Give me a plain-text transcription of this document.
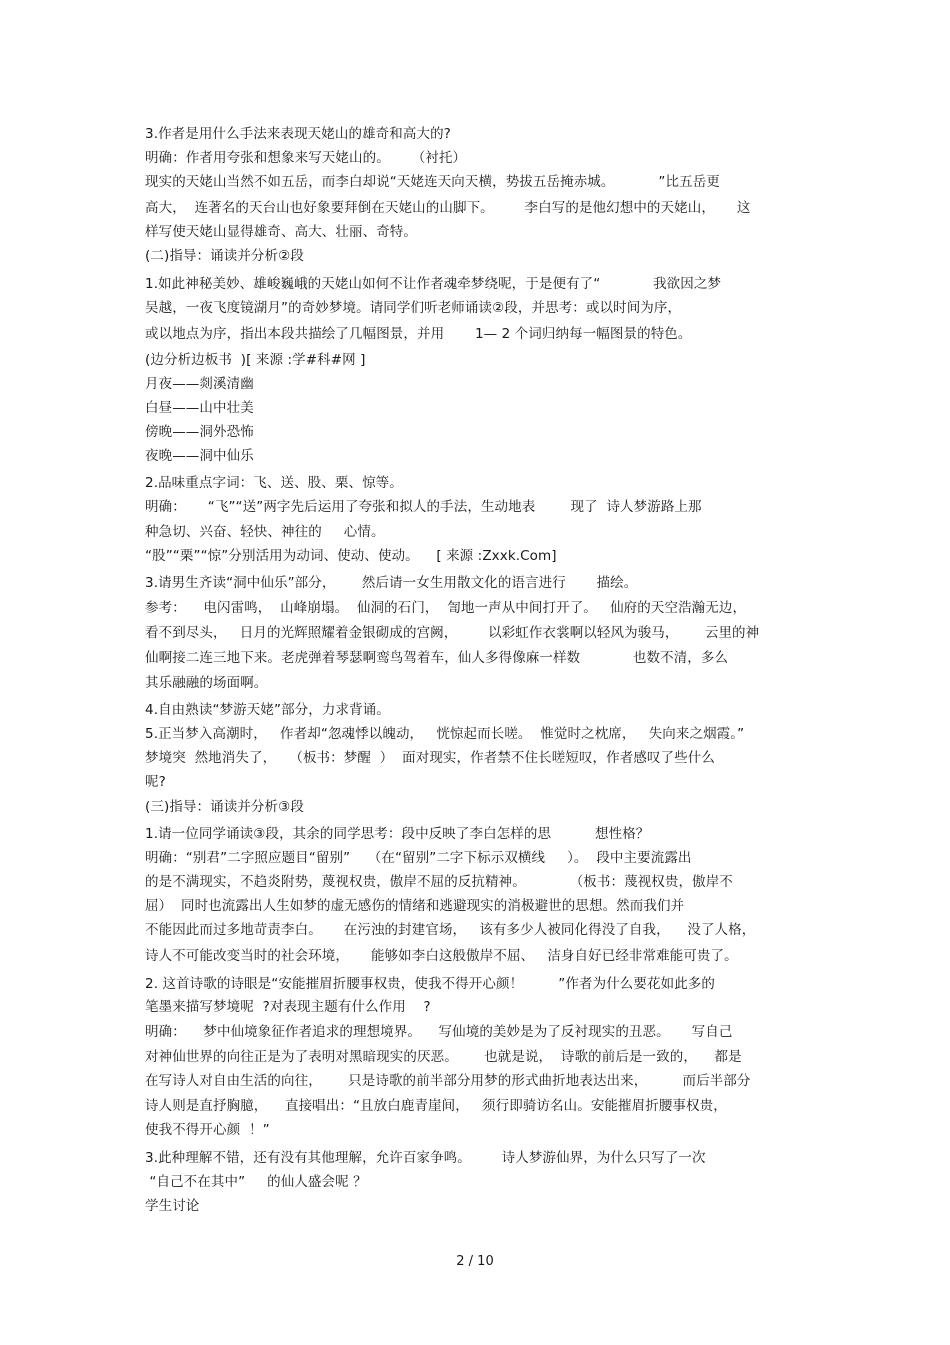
3.作者是用什么手法来表现天姥山的雄奇和高大的?
明确：作者用夸张和想象来写天姥山的。     （衬托）
现实的天姥山当然不如五岳，而李白却说“天姥连天向天横，势拔五岳掩赤城。          ”比五岳更
高大，  连著名的天台山也好象要拜倒在天姥山的山脚下。       李白写的是他幻想中的天姥山，     这
样写使天姥山显得雄奇、高大、壮丽、奇特。
(二)指导：诵读并分析②段
1.如此神秘美妙、雄峻巍峨的天姥山如何不让作者魂牵梦绕呢，于是便有了“            我欲因之梦
吴越，一夜飞度镜湖月”的奇妙梦境。请同学们听老师诵读②段，并思考：或以时间为序，
或以地点为序，指出本段共描绘了几幅图景，并用       1— 2 个词归纳每一幅图景的特色。
(边分析边板书  )[ 来源 :学#科#网 ]
月夜——剡溪清幽
白昼——山中壮美
傍晚——洞外恐怖
夜晚——洞中仙乐
2.品味重点字词：飞、送、股、栗、惊等。
明确：     “飞”“送”两字先后运用了夸张和拟人的手法，生动地表        现了  诗人梦游路上那
种急切、兴奋、轻快、神往的     心情。
“股”“栗”“惊”分别活用为动词、使动、使动。    [ 来源 :Zxxk.Com]
3.请男生齐读“洞中仙乐”部分，      然后请一女生用散文化的语言进行       描绘。
参考：    电闪雷鸣，  山峰崩塌。  仙洞的石门，  訇地一声从中间打开了。   仙府的天空浩瀚无边，
看不到尽头，   日月的光辉照耀着金银砌成的宫阙，       以彩虹作衣裳啊以轻风为骏马，      云里的神
仙啊接二连三地下来。老虎弹着琴瑟啊鸾鸟驾着车，仙人多得像麻一样数            也数不清，多么
其乐融融的场面啊。
4.自由熟读“梦游天姥”部分，力求背诵。
5.正当梦入高潮时，   作者却“忽魂悸以魄动，   恍惊起而长嗟。  惟觉时之枕席，   失向来之烟霞。”
梦境突  然地消失了，   （板书：梦醒  ）  面对现实，作者禁不住长嗟短叹，作者感叹了些什么
呢?
(三)指导：诵读并分析③段
1.请一位同学诵读③段，其余的同学思考：段中反映了李白怎样的思          想性格？
明确：“别君”二字照应题目“留别”    （在“留别”二字下标示双横线     ）。  段中主要流露出
的是不满现实，不趋炎附势，蔑视权贵，傲岸不屈的反抗精神。          （板书：蔑视权贵，傲岸不
屈）  同时也流露出人生如梦的虚无感伤的情绪和逃避现实的消极避世的思想。然而我们并
不能因此而过多地苛责李白。     在污浊的封建官场，   该有多少人被同化得没了自我，    没了人格，
诗人不可能改变当时的社会环境，     能够如李白这般傲岸不屈、   洁身自好已经非常难能可贵了。
2. 这首诗歌的诗眼是“安能摧眉折腰事权贵，使我不得开心颜！        ”作者为什么要花如此多的
笔墨来描写梦境呢  ?对表现主题有什么作用    ?
明确：    梦中仙境象征作者追求的理想境界。    写仙境的美妙是为了反衬现实的丑恶。     写自己
对神仙世界的向往正是为了表明对黑暗现实的厌恶。      也就是说，  诗歌的前后是一致的，    都是
在写诗人对自由生活的向往，      只是诗歌的前半部分用梦的形式曲折地表达出来，        而后半部分
诗人则是直抒胸臆，    直接唱出：“且放白鹿青崖间，   须行即骑访名山。安能摧眉折腰事权贵，
使我不得开心颜  ！”
3.此种理解不错，还有没有其他理解，允许百家争鸣。       诗人梦游仙界，为什么只写了一次
“自己不在其中”     的仙人盛会呢 ？
学生讨论
2 / 10
